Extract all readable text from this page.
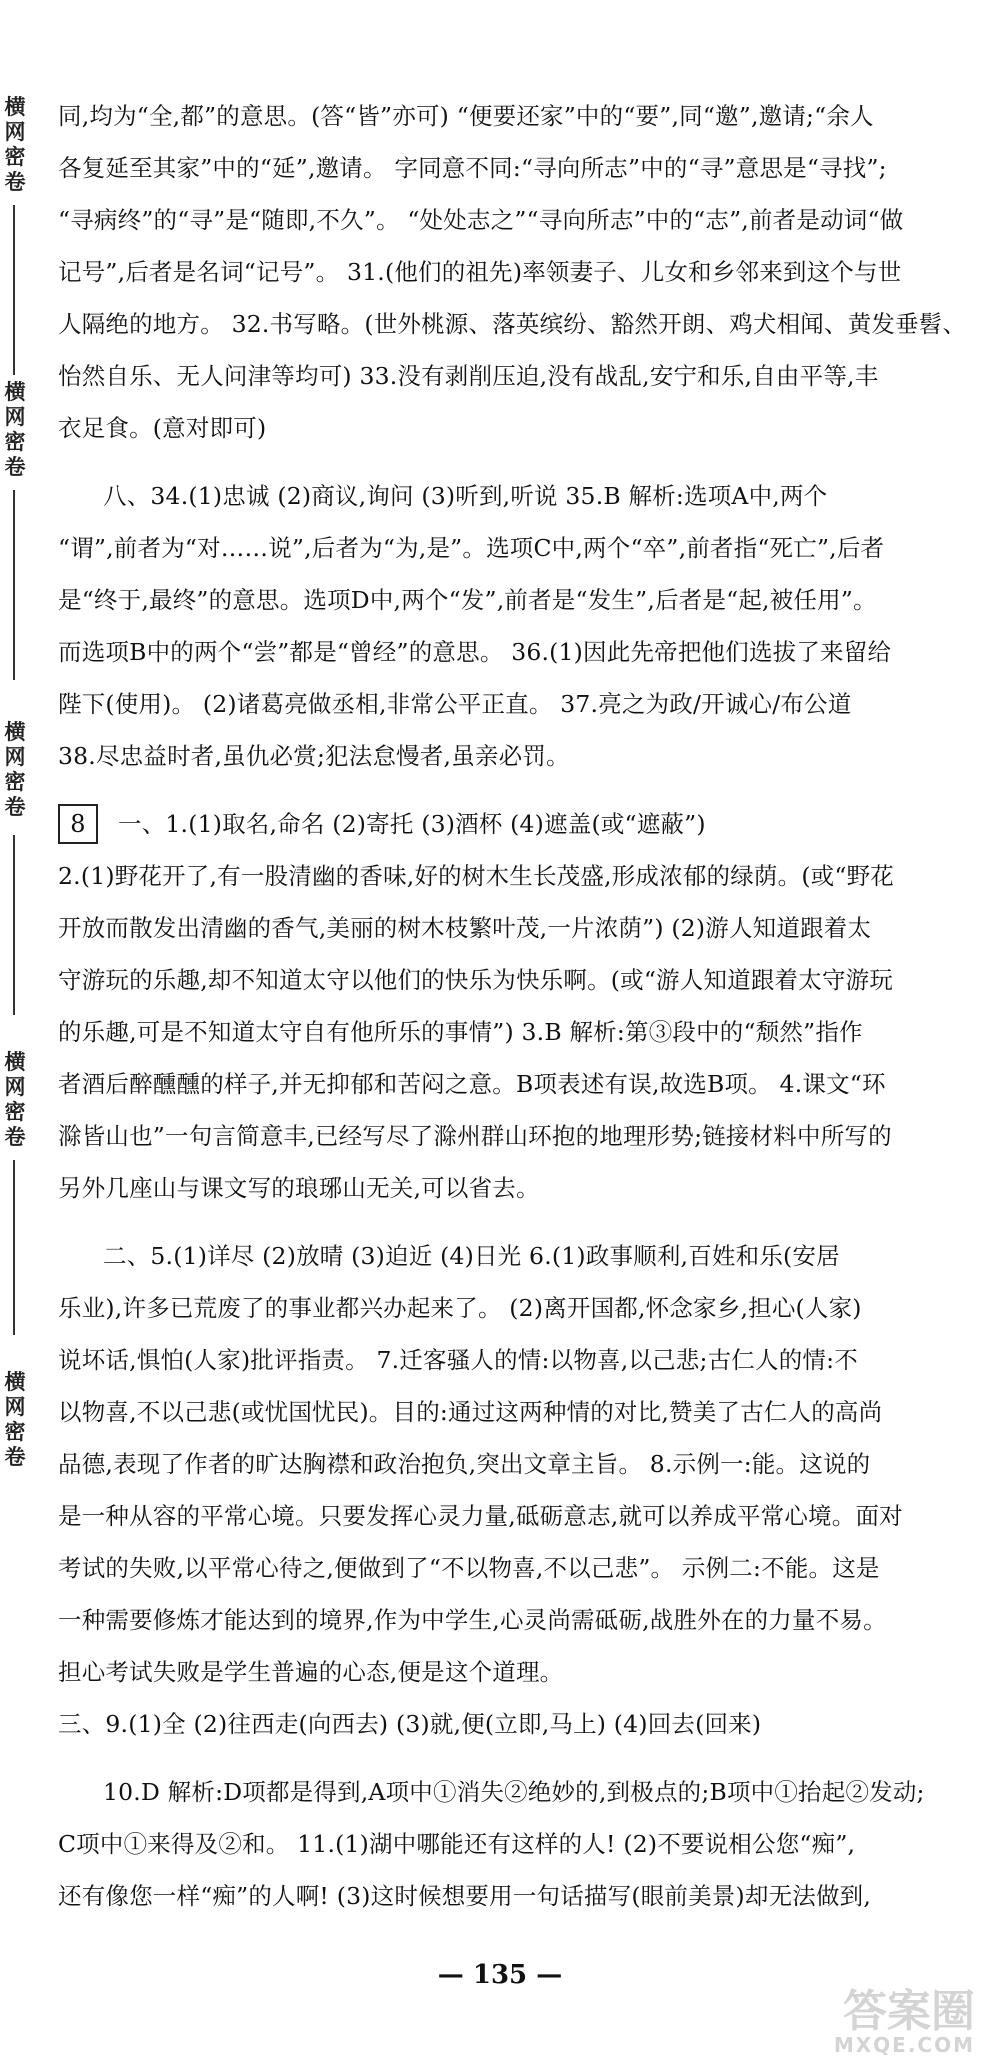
横网密卷
横网密卷
横网密卷
横网密卷
横网密卷
同,均为“全,都”的意思。(答“皆”亦可) “便要还家”中的“要”,同“邀”,邀请;“余人
各复延至其家”中的“延”,邀请。 字同意不同:“寻向所志”中的“寻”意思是“寻找”;
“寻病终”的“寻”是“随即,不久”。 “处处志之”“寻向所志”中的“志”,前者是动词“做
记号”,后者是名词“记号”。 31.(他们的祖先)率领妻子、儿女和乡邻来到这个与世
人隔绝的地方。 32.书写略。(世外桃源、落英缤纷、豁然开朗、鸡犬相闻、黄发垂髫、
怡然自乐、无人问津等均可) 33.没有剥削压迫,没有战乱,安宁和乐,自由平等,丰
衣足食。(意对即可)
八、34.(1)忠诚 (2)商议,询问 (3)听到,听说 35.B 解析:选项A中,两个
“谓”,前者为“对……说”,后者为“为,是”。选项C中,两个“卒”,前者指“死亡”,后者
是“终于,最终”的意思。选项D中,两个“发”,前者是“发生”,后者是“起,被任用”。
而选项B中的两个“尝”都是“曾经”的意思。 36.(1)因此先帝把他们选拔了来留给
陛下(使用)。 (2)诸葛亮做丞相,非常公平正直。 37.亮之为政/开诚心/布公道
38.尽忠益时者,虽仇必赏;犯法怠慢者,虽亲必罚。
8 一、1.(1)取名,命名 (2)寄托 (3)酒杯 (4)遮盖(或“遮蔽”)
2.(1)野花开了,有一股清幽的香味,好的树木生长茂盛,形成浓郁的绿荫。(或“野花
开放而散发出清幽的香气,美丽的树木枝繁叶茂,一片浓荫”) (2)游人知道跟着太
守游玩的乐趣,却不知道太守以他们的快乐为快乐啊。(或“游人知道跟着太守游玩
的乐趣,可是不知道太守自有他所乐的事情”) 3.B 解析:第③段中的“颓然”指作
者酒后醉醺醺的样子,并无抑郁和苦闷之意。B项表述有误,故选B项。 4.课文“环
滁皆山也”一句言简意丰,已经写尽了滁州群山环抱的地理形势;链接材料中所写的
另外几座山与课文写的琅琊山无关,可以省去。
二、5.(1)详尽 (2)放晴 (3)迫近 (4)日光 6.(1)政事顺利,百姓和乐(安居
乐业),许多已荒废了的事业都兴办起来了。 (2)离开国都,怀念家乡,担心(人家)
说坏话,惧怕(人家)批评指责。 7.迁客骚人的情:以物喜,以己悲;古仁人的情:不
以物喜,不以己悲(或忧国忧民)。目的:通过这两种情的对比,赞美了古仁人的高尚
品德,表现了作者的旷达胸襟和政治抱负,突出文章主旨。 8.示例一:能。这说的
是一种从容的平常心境。只要发挥心灵力量,砥砺意志,就可以养成平常心境。面对
考试的失败,以平常心待之,便做到了“不以物喜,不以己悲”。 示例二:不能。这是
一种需要修炼才能达到的境界,作为中学生,心灵尚需砥砺,战胜外在的力量不易。
担心考试失败是学生普遍的心态,便是这个道理。
三、9.(1)全 (2)往西走(向西去) (3)就,便(立即,马上) (4)回去(回来)
10.D 解析:D项都是得到,A项中①消失②绝妙的,到极点的;B项中①抬起②发动;
C项中①来得及②和。 11.(1)湖中哪能还有这样的人! (2)不要说相公您“痴”,
还有像您一样“痴”的人啊! (3)这时候想要用一句话描写(眼前美景)却无法做到,
— 135 —
答案圈
MXQE.COM
